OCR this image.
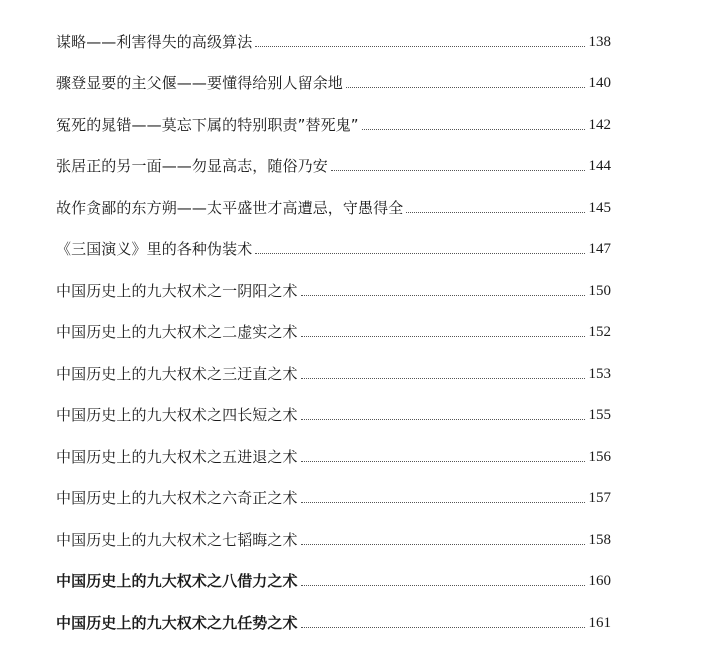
谋略——利害得失的高级算法	138
骤登显要的主父偃——要懂得给别人留余地	140
冤死的晁错——莫忘下属的特别职责”替死鬼”	142
张居正的另一面——勿显高志，随俗乃安	144
故作贪鄙的东方朔——太平盛世才高遭忌，守愚得全	145
《三国演义》里的各种伪装术	147
中国历史上的九大权术之一阴阳之术	150
中国历史上的九大权术之二虚实之术	152
中国历史上的九大权术之三迂直之术	153
中国历史上的九大权术之四长短之术	155
中国历史上的九大权术之五进退之术	156
中国历史上的九大权术之六奇正之术	157
中国历史上的九大权术之七韬晦之术	158
中国历史上的九大权术之八借力之术	160
中国历史上的九大权术之九任势之术	161
